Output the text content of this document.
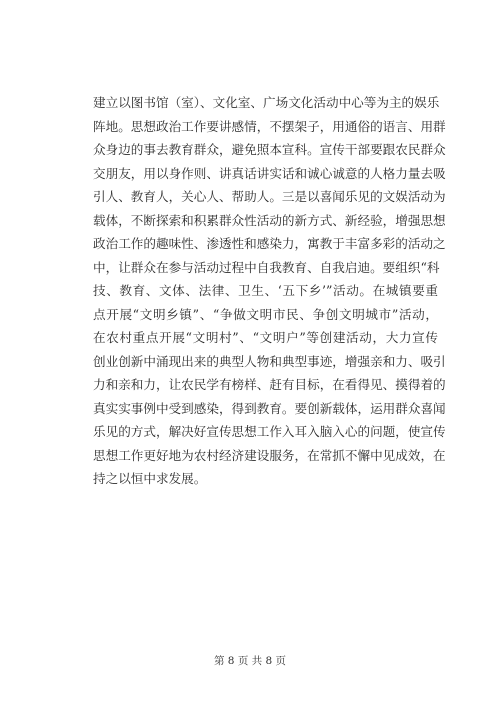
建立以图书馆（室）、文化室、广场文化活动中心等为主的娱乐
阵地。思想政治工作要讲感情，不摆架子，用通俗的语言、用群
众身边的事去教育群众，避免照本宣科。宣传干部要跟农民群众
交朋友，用以身作则、讲真话讲实话和诚心诚意的人格力量去吸
引人、教育人，关心人、帮助人。三是以喜闻乐见的文娱活动为
载体，不断探索和积累群众性活动的新方式、新经验，增强思想
政治工作的趣味性、渗透性和感染力，寓教于丰富多彩的活动之
中，让群众在参与活动过程中自我教育、自我启迪。要组织“科
技、教育、文体、法律、卫生、‘五下乡’”活动。在城镇要重
点开展“文明乡镇”、“争做文明市民、争创文明城市”活动，
在农村重点开展“文明村”、“文明户”等创建活动，大力宣传
创业创新中涌现出来的典型人物和典型事迹，增强亲和力、吸引
力和亲和力，让农民学有榜样、赶有目标，在看得见、摸得着的
真实实事例中受到感染，得到教育。要创新载体，运用群众喜闻
乐见的方式，解决好宣传思想工作入耳入脑入心的问题，使宣传
思想工作更好地为农村经济建设服务，在常抓不懈中见成效，在
持之以恒中求发展。
第 8 页 共 8 页
